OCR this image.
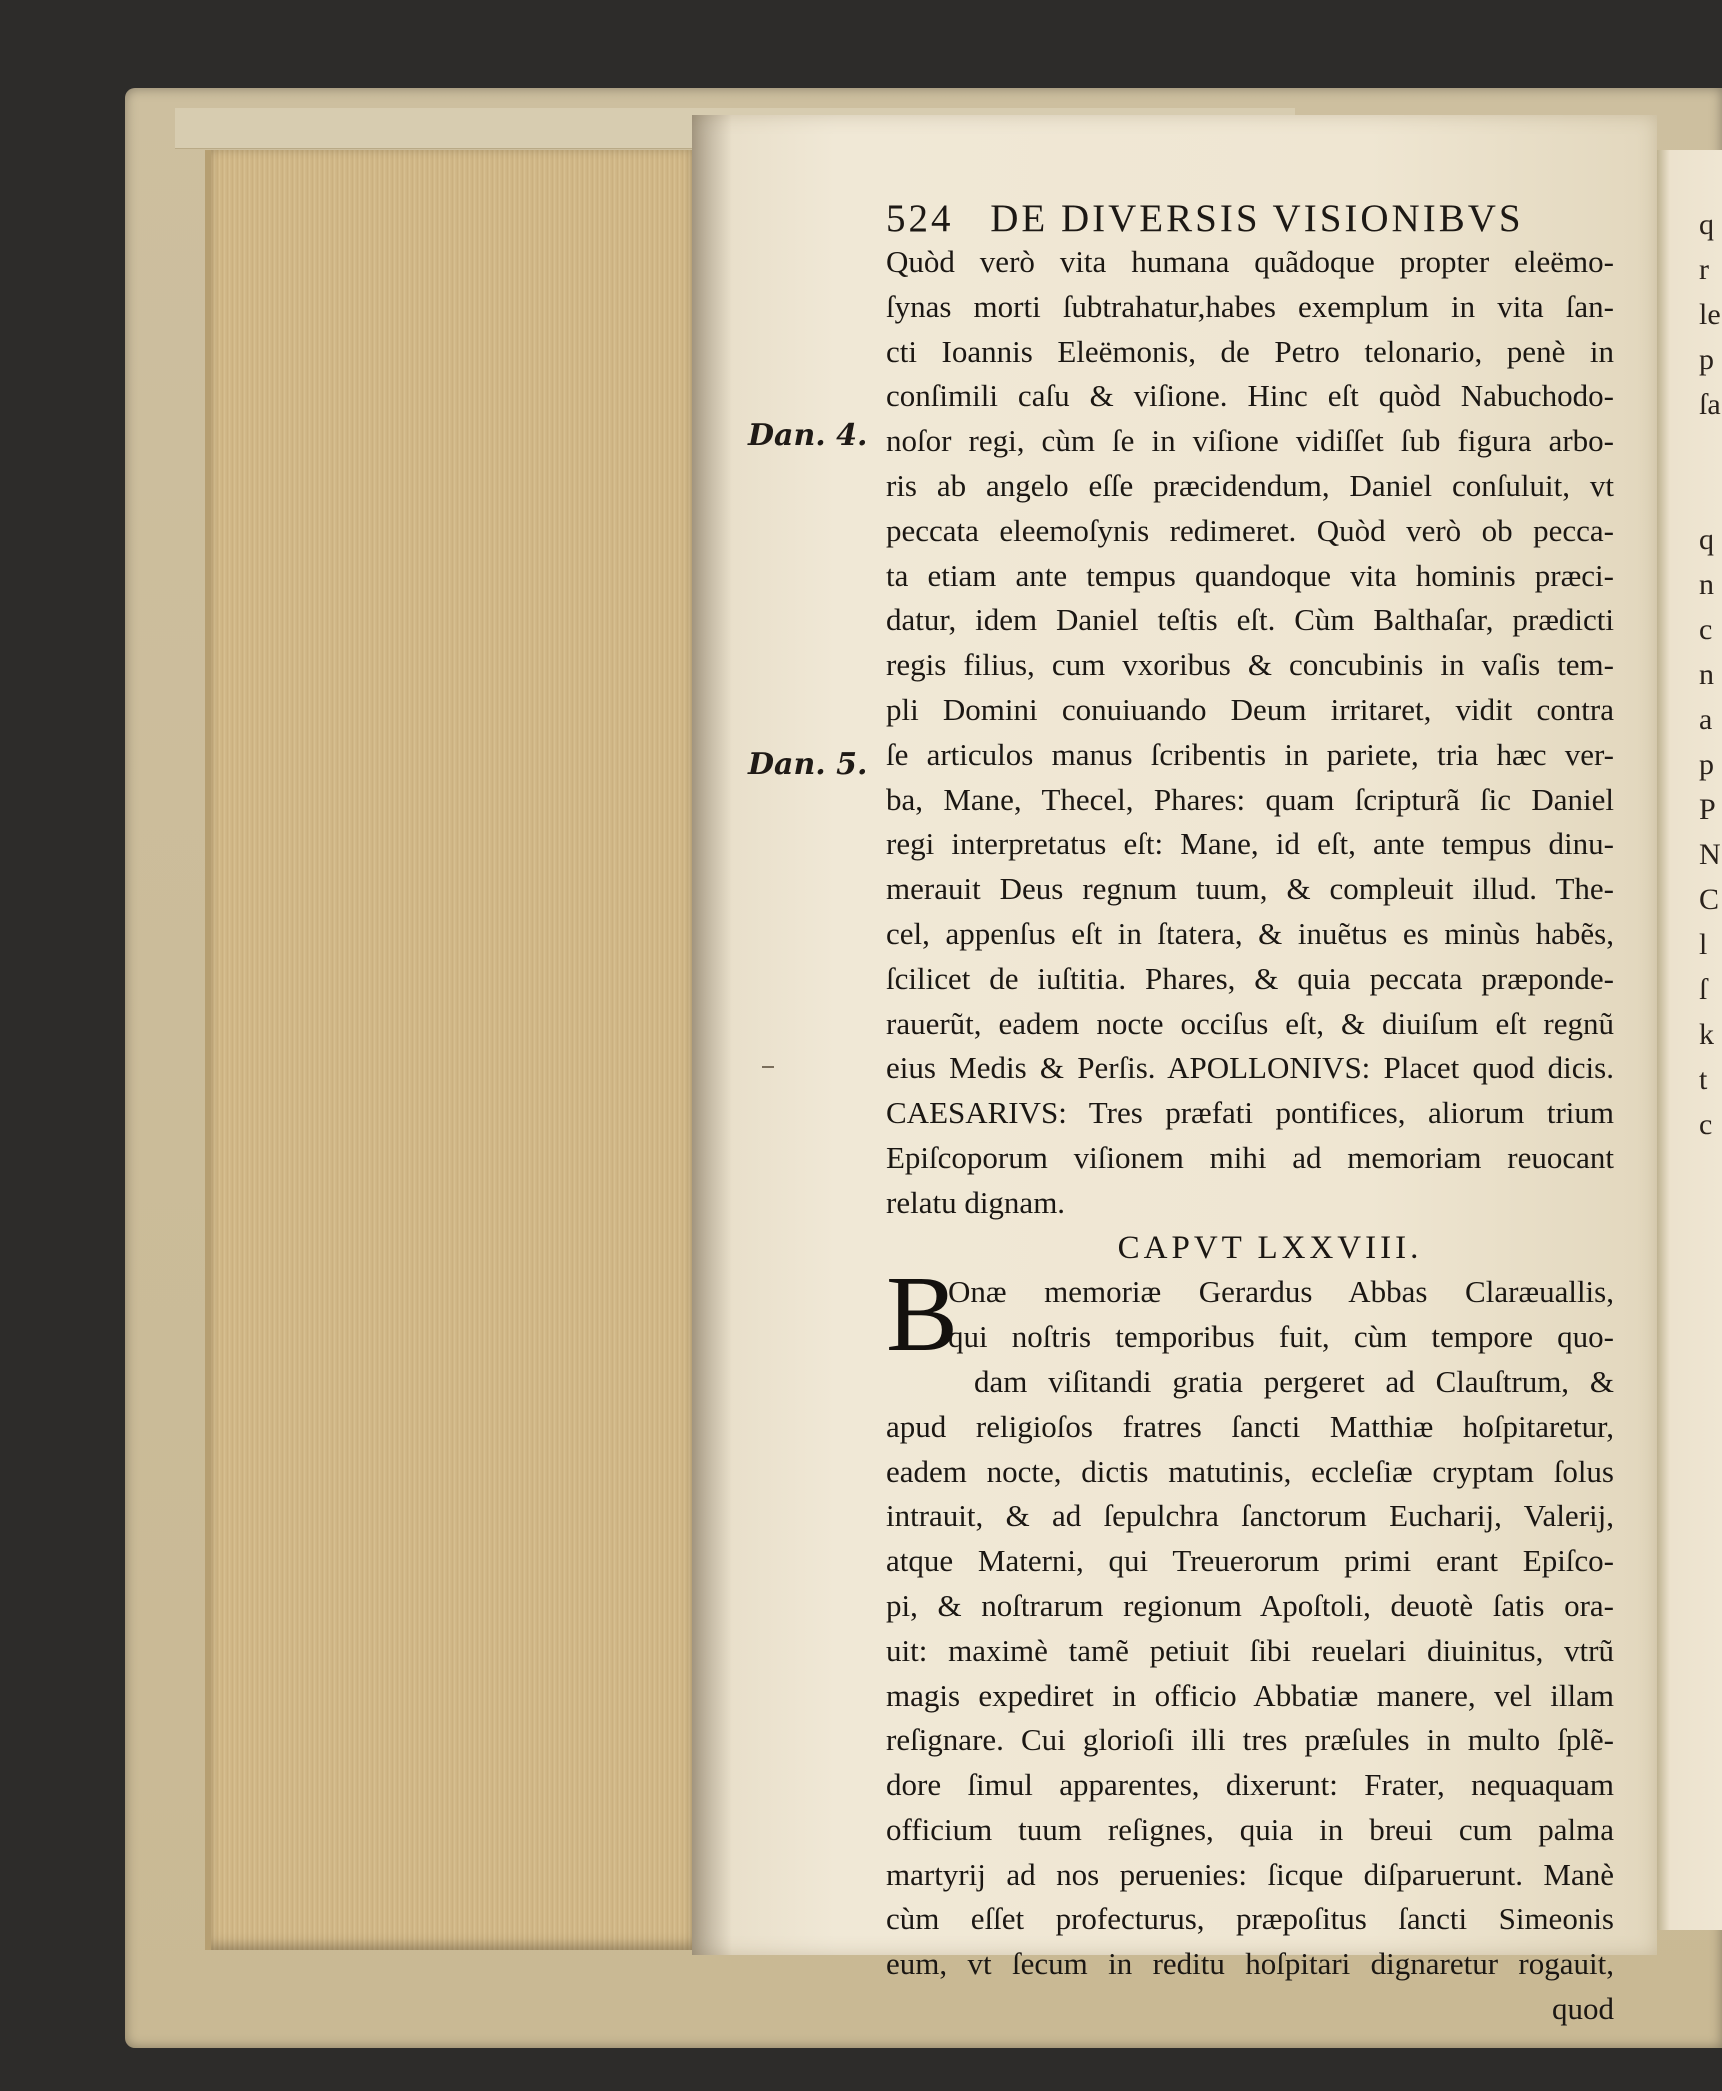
q
r
le
p
ſa
q
n
c
n
a
p
P
N
C
l
ſ
k
t
c
524 DE DIVERSIS VISIONIBVS
Dan. 4.
Dan. 5.
Quòd verò vita humana quãdoque propter eleëmo-
ſynas morti ſubtrahatur,habes exemplum in vita ſan-
cti Ioannis Eleëmonis, de Petro telonario, penè in
conſimili caſu & viſione. Hinc eſt quòd Nabuchodo-
noſor regi, cùm ſe in viſione vidiſſet ſub figura arbo-
ris ab angelo eſſe præcidendum, Daniel conſuluit, vt
peccata eleemoſynis redimeret. Quòd verò ob pecca-
ta etiam ante tempus quandoque vita hominis præci-
datur, idem Daniel teſtis eſt. Cùm Balthaſar, prædicti
regis filius, cum vxoribus & concubinis in vaſis tem-
pli Domini conuiuando Deum irritaret, vidit contra
ſe articulos manus ſcribentis in pariete, tria hæc ver-
ba, Mane, Thecel, Phares: quam ſcripturã ſic Daniel
regi interpretatus eſt: Mane, id eſt, ante tempus dinu-
merauit Deus regnum tuum, & compleuit illud. The-
cel, appenſus eſt in ſtatera, & inuẽtus es minùs habẽs,
ſcilicet de iuſtitia. Phares, & quia peccata præponde-
rauerũt, eadem nocte occiſus eſt, & diuiſum eſt regnũ
eius Medis & Perſis. APOLLONIVS: Placet quod dicis.
CAESARIVS: Tres præfati pontifices, aliorum trium
Epiſcoporum viſionem mihi ad memoriam reuocant
relatu dignam.
CAPVT LXXVIII.
B
Onæ memoriæ Gerardus Abbas Claræuallis,
qui noſtris temporibus fuit, cùm tempore quo-
dam viſitandi gratia pergeret ad Clauſtrum, &
apud religioſos fratres ſancti Matthiæ hoſpitaretur,
eadem nocte, dictis matutinis, eccleſiæ cryptam ſolus
intrauit, & ad ſepulchra ſanctorum Eucharij, Valerij,
atque Materni, qui Treuerorum primi erant Epiſco-
pi, & noſtrarum regionum Apoſtoli, deuotè ſatis ora-
uit: maximè tamẽ petiuit ſibi reuelari diuinitus, vtrũ
magis expediret in officio Abbatiæ manere, vel illam
reſignare. Cui glorioſi illi tres præſules in multo ſplẽ-
dore ſimul apparentes, dixerunt: Frater, nequaquam
officium tuum reſignes, quia in breui cum palma
martyrij ad nos peruenies: ſicque diſparuerunt. Manè
cùm eſſet profecturus, præpoſitus ſancti Simeonis
eum, vt ſecum in reditu hoſpitari dignaretur rogauit,
quod
